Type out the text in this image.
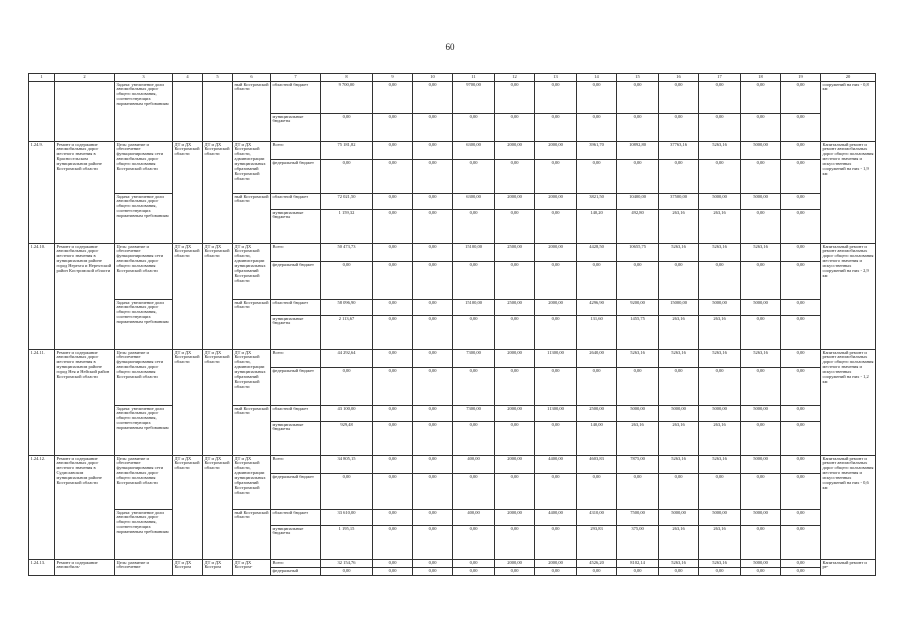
60
1	2	3	4	5	6	7	8	9	10	11	12	13	14	15	16	17	18	19	20
		Задача: увеличение доли автомобильных дорог общего пользования, соответствующих нормативным требованиям			ный Костромской области	областной бюджет	9 700,00	0,00	0,00	9700,00	0,00	0,00	0,00	0,00	0,00	0,00	0,00	0,00	сооружений на них - 0,8 км
						муниципальные бюджеты	0,00	0,00	0,00	0,00	0,00	0,00	0,00	0,00	0,00	0,00	0,00	0,00	
1.24.9.	Ремонт и содержание автомобильных дорог местного значения в Красносельском муниципальном районе Костромской области	Цель: развитие и обеспечение функционирования сети автомобильных дорог общего пользования Костромской области	ДТ и ДХ Костромской области	ДТ и ДХ Костромской области	ДТ и ДХ Костромской области, администрации муниципальных образований Костромской области	Всего	75 181,82	0,00	0,00	6300,00	2000,00	2000,00	3961,70	10892,80	37763,16	5263,16	5000,00	0,00	Капитальный ремонт и ремонт автомобильных дорог общего пользования местного значения и искусственных сооружений на них - 1,9 км
						федеральный бюджет	0,00	0,00	0,00	0,00	0,00	0,00	0,00	0,00	0,00	0,00	0,00	0,00	
		Задача: увеличение доли автомобильных дорог общего пользования, соответствующих нормативным требованиям			ный Костромской области	областной бюджет	72 021,50	0,00	0,00	6300,00	2000,00	2000,00	3821,50	10400,00	37500,00	5000,00	5000,00	0,00	
						муниципальные бюджеты	1 159,32	0,00	0,00	0,00	0,00	0,00	140,20	492,80	263,16	263,16	0,00	0,00	
1.24.10.	Ремонт и содержание автомобильных дорог местного значения в муниципальном районе город Нерехта и Нерехтский район Костромской области	Цель: развитие и обеспечение функционирования сети автомобильных дорог общего пользования Костромской области	ДТ и ДХ Костромской области	ДТ и ДХ Костромской области	ДТ и ДХ Костромской области, администрации муниципальных образований Костромской области	Всего	50 473,73	0,00	0,00	15100,00	2500,00	2000,00	4428,50	10655,75	5263,16	5263,16	5263,16	0,00	Капитальный ремонт и ремонт автомобильных дорог общего пользования местного значения и искусственных сооружений на них - 2,9 км
						федеральный бюджет	0,00	0,00	0,00	0,00	0,00	0,00	0,00	0,00	0,00	0,00	0,00	0,00	
		Задача: увеличение доли автомобильных дорог общего пользования, соответствующих нормативным требованиям			ный Костромской области	областной бюджет	58 096,90	0,00	0,00	15100,00	2500,00	2000,00	4296,90	9200,00	15000,00	5000,00	5000,00	0,00	
						муниципальные бюджеты	2 113,67	0,00	0,00	0,00	0,00	0,00	131,60	1455,75	263,16	263,16	0,00	0,00	
1.24.11.	Ремонт и содержание автомобильных дорог местного значения в муниципальном районе город Нея и Нейский район Костромской области	Цель: развитие и обеспечение функционирования сети автомобильных дорог общего пользования Костромской области	ДТ и ДХ Костромской области	ДТ и ДХ Костромской области	ДТ и ДХ Костромской области, администрации муниципальных образований Костромской области	Всего	44 292,64	0,00	0,00	7300,00	2000,00	11300,00	2640,00	5263,16	5263,16	5263,16	5263,16	0,00	Капитальный ремонт и ремонт автомобильных дорог общего пользования местного значения и искусственных сооружений на них - 1,2 км
						федеральный бюджет	0,00	0,00	0,00	0,00	0,00	0,00	0,00	0,00	0,00	0,00	0,00	0,00	
		Задача: увеличение доли автомобильных дорог общего пользования, соответствующих нормативным требованиям			ный Костромской области	областной бюджет	43 100,00	0,00	0,00	7300,00	2000,00	11300,00	2500,00	5000,00	5000,00	5000,00	5000,00	0,00	
						муниципальные бюджеты	929,48	0,00	0,00	0,00	0,00	0,00	140,00	263,16	263,16	263,16	0,00	0,00	
1.24.12.	Ремонт и содержание автомобильных дорог местного значения в Судиславском муниципальном районе Костромской области	Цель: развитие и обеспечение функционирования сети автомобильных дорог общего пользования Костромской области	ДТ и ДХ Костромской области	ДТ и ДХ Костромской области	ДТ и ДХ Костромской области, администрации муниципальных образований Костромской области	Всего	34 805,15	0,00	0,00	400,00	2000,00	4400,00	4603,83	7875,00	5263,16	5263,16	5000,00	0,00	Капитальный ремонт и ремонт автомобильных дорог общего пользования местного значения и искусственных сооружений на них - 0,6 км
						федеральный бюджет	0,00	0,00	0,00	0,00	0,00	0,00	0,00	0,00	0,00	0,00	0,00	0,00	
		Задача: увеличение доли автомобильных дорог общего пользования, соответствующих нормативным требованиям			ный Костромской области	областной бюджет	33 610,00	0,00	0,00	400,00	2000,00	4400,00	4310,00	7500,00	5000,00	5000,00	5000,00	0,00	
						муниципальные бюджеты	1 195,15	0,00	0,00	0,00	0,00	0,00	293,83	375,00	263,16	263,16	0,00	0,00	
1.24.13.	Ремонт и содержание автомобиль-	Цель: развитие и обеспечение	ДТ и ДХ Костром	ДТ и ДХ Костром	ДТ и ДХ Костром-	Всего	32 154,76	0,00	0,00	0,00	2000,00	2000,00	4526,20	8102,14	5263,16	5263,16	5000,00	0,00	Капитальный ремонт и ре-
						федеральный	0,00	0,00	0,00	0,00	0,00	0,00	0,00	0,00	0,00	0,00	0,00	0,00	
